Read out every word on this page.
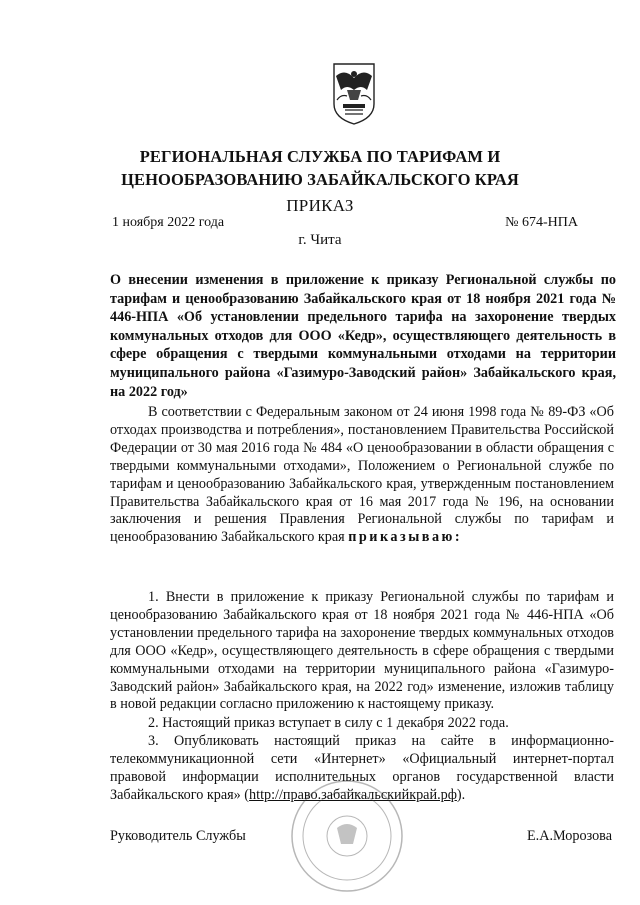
РЕГИОНАЛЬНАЯ СЛУЖБА ПО ТАРИФАМ И
ЦЕНООБРАЗОВАНИЮ ЗАБАЙКАЛЬСКОГО КРАЯ
ПРИКАЗ
1 ноября 2022 года	№ 674-НПА
г. Чита
О внесении изменения в приложение к приказу Региональной службы по тарифам и ценообразованию Забайкальского края от 18 ноября 2021 года № 446-НПА «Об установлении предельного тарифа на захоронение твердых коммунальных отходов для ООО «Кедр», осуществляющего деятельность в сфере обращения с твердыми коммунальными отходами на территории муниципального района «Газимуро-Заводский район» Забайкальского края, на 2022 год»

В соответствии с Федеральным законом от 24 июня 1998 года № 89-ФЗ «Об отходах производства и потребления», постановлением Правительства Российской Федерации от 30 мая 2016 года № 484 «О ценообразовании в области обращения с твердыми коммунальными отходами», Положением о Региональной службе по тарифам и ценообразованию Забайкальского края, утвержденным постановлением Правительства Забайкальского края от 16 мая 2017 года № 196, на основании заключения и решения Правления Региональной службы по тарифам и ценообразованию Забайкальского края приказываю:

1. Внести в приложение к приказу Региональной службы по тарифам и ценообразованию Забайкальского края от 18 ноября 2021 года № 446-НПА «Об установлении предельного тарифа на захоронение твердых коммунальных отходов для ООО «Кедр», осуществляющего деятельность в сфере обращения с твердыми коммунальными отходами на территории муниципального района «Газимуро-Заводский район» Забайкальского края, на 2022 год» изменение, изложив таблицу в новой редакции согласно приложению к настоящему приказу.

2. Настоящий приказ вступает в силу с 1 декабря 2022 года.

3. Опубликовать настоящий приказ на сайте в информационно-телекоммуникационной сети «Интернет» «Официальный интернет-портал правовой информации исполнительных органов государственной власти Забайкальского края» (http://право.забайкальскийкрай.рф).

Руководитель Службы	Е.А.Морозова
